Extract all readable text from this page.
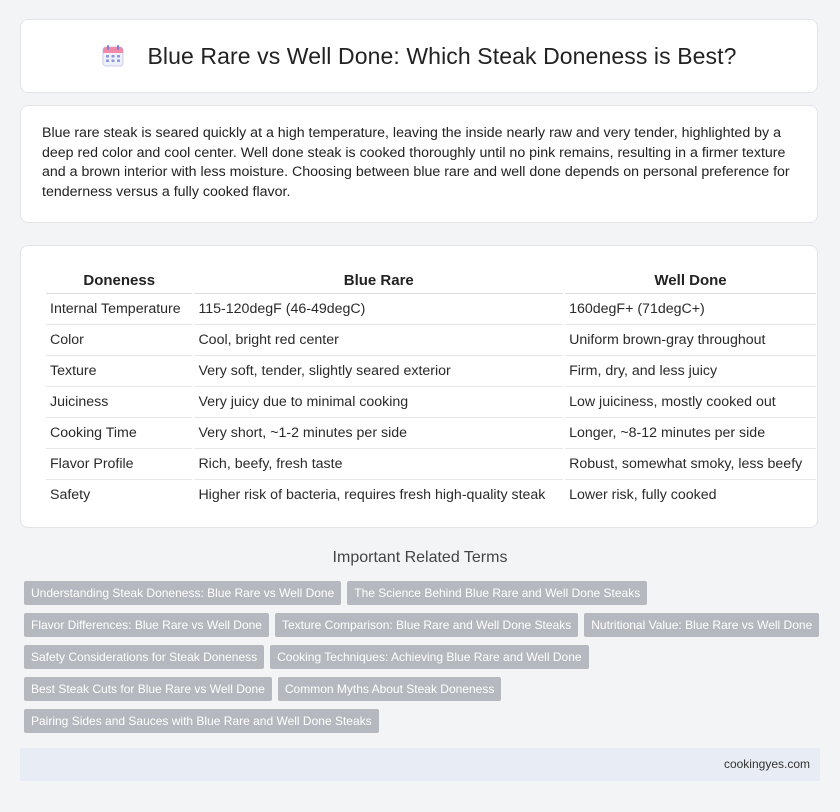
Blue Rare vs Well Done: Which Steak Doneness is Best?

Blue rare steak is seared quickly at a high temperature, leaving the inside nearly raw and very tender, highlighted by a deep red color and cool center. Well done steak is cooked thoroughly until no pink remains, resulting in a firmer texture and a brown interior with less moisture. Choosing between blue rare and well done depends on personal preference for tenderness versus a fully cooked flavor.

Doneness	Blue Rare	Well Done
Internal Temperature	115-120degF (46-49degC)	160degF+ (71degC+)
Color	Cool, bright red center	Uniform brown-gray throughout
Texture	Very soft, tender, slightly seared exterior	Firm, dry, and less juicy
Juiciness	Very juicy due to minimal cooking	Low juiciness, mostly cooked out
Cooking Time	Very short, ~1-2 minutes per side	Longer, ~8-12 minutes per side
Flavor Profile	Rich, beefy, fresh taste	Robust, somewhat smoky, less beefy
Safety	Higher risk of bacteria, requires fresh high-quality steak	Lower risk, fully cooked
Important Related Terms
Understanding Steak Doneness: Blue Rare vs Well Done The Science Behind Blue Rare and Well Done Steaks
Flavor Differences: Blue Rare vs Well Done Texture Comparison: Blue Rare and Well Done Steaks Nutritional Value: Blue Rare vs Well Done
Safety Considerations for Steak Doneness Cooking Techniques: Achieving Blue Rare and Well Done
Best Steak Cuts for Blue Rare vs Well Done Common Myths About Steak Doneness
Pairing Sides and Sauces with Blue Rare and Well Done Steaks
cookingyes.com
